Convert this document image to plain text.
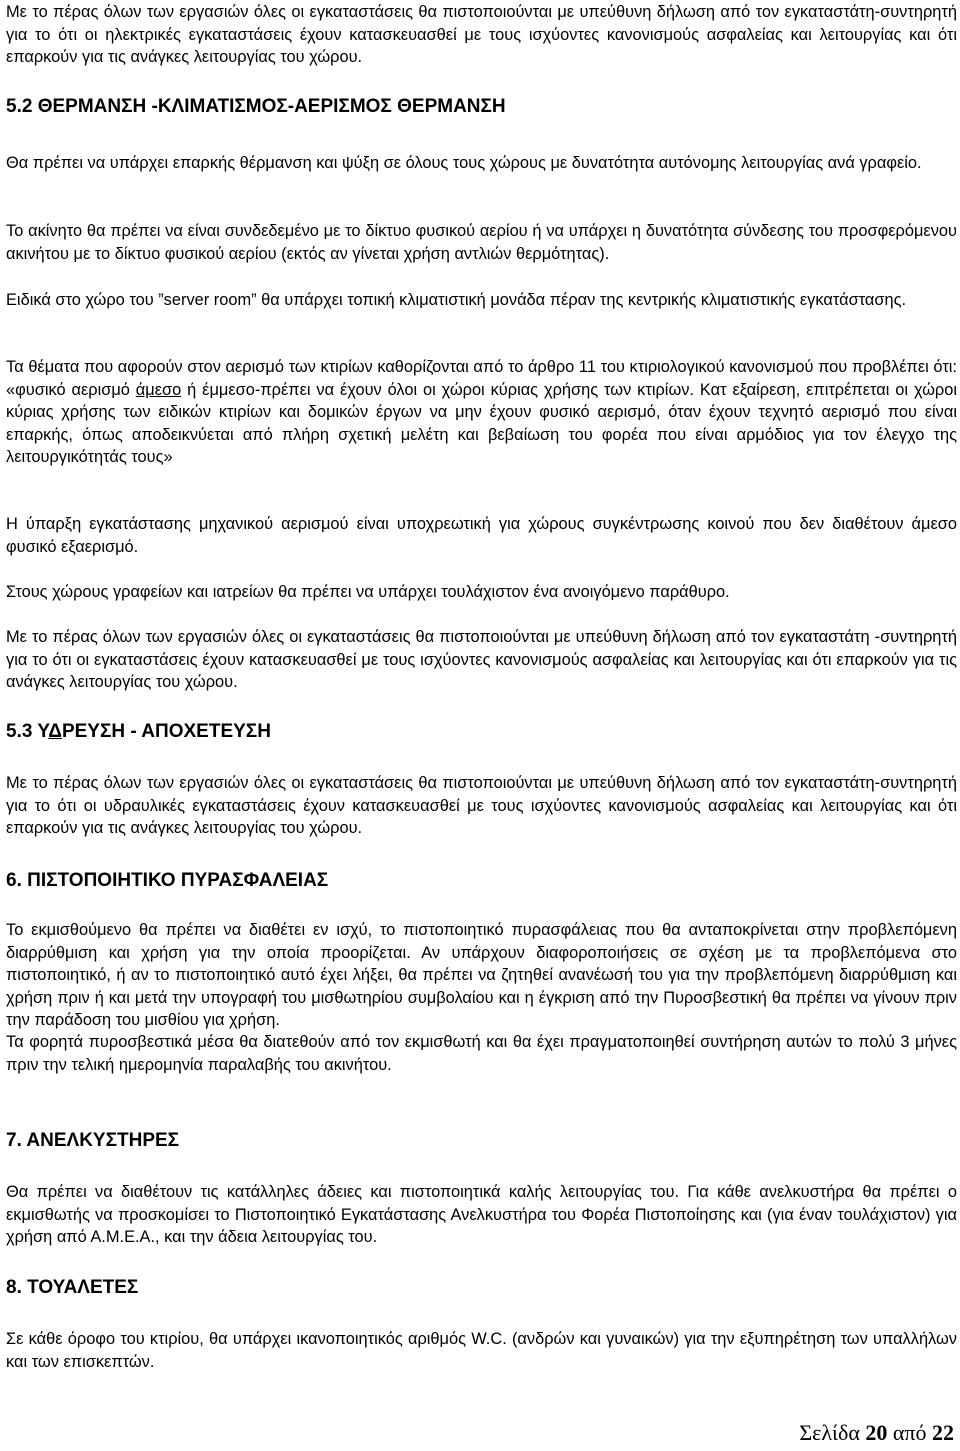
Με το πέρας όλων των εργασιών όλες οι εγκαταστάσεις θα πιστοποιούνται με υπεύθυνη δήλωση από τον εγκαταστάτη-συντηρητή για το ότι οι ηλεκτρικές εγκαταστάσεις έχουν κατασκευασθεί με τους ισχύοντες κανονισμούς ασφαλείας και λειτουργίας και ότι επαρκούν για τις ανάγκες λειτουργίας του χώρου.

5.2 ΘΕΡΜΑΝΣΗ -ΚΛΙΜΑΤΙΣΜΟΣ-ΑΕΡΙΣΜΟΣ ΘΕΡΜΑΝΣΗ

Θα πρέπει να υπάρχει επαρκής θέρμανση και ψύξη σε όλους τους χώρους με δυνατότητα αυτόνομης λειτουργίας ανά γραφείο.

Το ακίνητο θα πρέπει να είναι συνδεδεμένο με το δίκτυο φυσικού αερίου ή να υπάρχει η δυνατότητα σύνδεσης του προσφερόμενου ακινήτου με το δίκτυο φυσικού αερίου (εκτός αν γίνεται χρήση αντλιών θερμότητας).

Ειδικά στο χώρο του ”server room” θα υπάρχει τοπική κλιματιστική μονάδα πέραν της κεντρικής κλιματιστικής εγκατάστασης.

Τα θέματα που αφορούν στον αερισμό των κτιρίων καθορίζονται από το άρθρο 11 του κτιριολογικού κανονισμού που προβλέπει ότι: «φυσικό αερισμό άμεσο ή έμμεσο-πρέπει να έχουν όλοι οι χώροι κύριας χρήσης των κτιρίων. Κατ εξαίρεση, επιτρέπεται οι χώροι κύριας χρήσης των ειδικών κτιρίων και δομικών έργων να μην έχουν φυσικό αερισμό, όταν έχουν τεχνητό αερισμό που είναι επαρκής, όπως αποδεικνύεται από πλήρη σχετική μελέτη και βεβαίωση του φορέα που είναι αρμόδιος για τον έλεγχο της λειτουργικότητάς τους»

Η ύπαρξη εγκατάστασης μηχανικού αερισμού είναι υποχρεωτική για χώρους συγκέντρωσης κοινού που δεν διαθέτουν άμεσο φυσικό εξαερισμό.

Στους χώρους γραφείων και ιατρείων θα πρέπει να υπάρχει τουλάχιστον ένα ανοιγόμενο παράθυρο.

Με το πέρας όλων των εργασιών όλες οι εγκαταστάσεις θα πιστοποιούνται με υπεύθυνη δήλωση από τον εγκαταστάτη -συντηρητή για το ότι οι εγκαταστάσεις έχουν κατασκευασθεί με τους ισχύοντες κανονισμούς ασφαλείας και λειτουργίας και ότι επαρκούν για τις ανάγκες λειτουργίας του χώρου.

5.3 ΥΔΡΕΥΣΗ - ΑΠΟΧΕΤΕΥΣΗ

Με το πέρας όλων των εργασιών όλες οι εγκαταστάσεις θα πιστοποιούνται με υπεύθυνη δήλωση από τον εγκαταστάτη-συντηρητή για το ότι οι υδραυλικές εγκαταστάσεις έχουν κατασκευασθεί με τους ισχύοντες κανονισμούς ασφαλείας και λειτουργίας και ότι επαρκούν για τις ανάγκες λειτουργίας του χώρου.

6. ΠΙΣΤΟΠΟΙΗΤΙΚΟ ΠΥΡΑΣΦΑΛΕΙΑΣ

Το εκμισθούμενο θα πρέπει να διαθέτει εν ισχύ, το πιστοποιητικό πυρασφάλειας που θα ανταποκρίνεται στην προβλεπόμενη διαρρύθμιση και χρήση για την οποία προορίζεται. Αν υπάρχουν διαφοροποιήσεις σε σχέση με τα προβλεπόμενα στο πιστοποιητικό, ή αν το πιστοποιητικό αυτό έχει λήξει, θα πρέπει να ζητηθεί ανανέωσή του για την προβλεπόμενη διαρρύθμιση και χρήση πριν ή και μετά την υπογραφή του μισθωτηρίου συμβολαίου και η έγκριση από την Πυροσβεστική θα πρέπει να γίνουν πριν την παράδοση του μισθίου για χρήση.

Τα φορητά πυροσβεστικά μέσα θα διατεθούν από τον εκμισθωτή και θα έχει πραγματοποιηθεί συντήρηση αυτών το πολύ 3 μήνες πριν την τελική ημερομηνία παραλαβής του ακινήτου.

7. ΑΝΕΛΚΥΣΤΗΡΕΣ

Θα πρέπει να διαθέτουν τις κατάλληλες άδειες και πιστοποιητικά καλής λειτουργίας του. Για κάθε ανελκυστήρα θα πρέπει ο εκμισθωτής να προσκομίσει το Πιστοποιητικό Εγκατάστασης Ανελκυστήρα του Φορέα Πιστοποίησης και (για έναν τουλάχιστον) για χρήση από Α.Μ.Ε.Α., και την άδεια λειτουργίας του.

8. ΤΟΥΑΛΕΤΕΣ

Σε κάθε όροφο του κτιρίου, θα υπάρχει ικανοποιητικός αριθμός W.C. (ανδρών και γυναικών) για την εξυπηρέτηση των υπαλλήλων και των επισκεπτών.

Σελίδα 20 από 22
